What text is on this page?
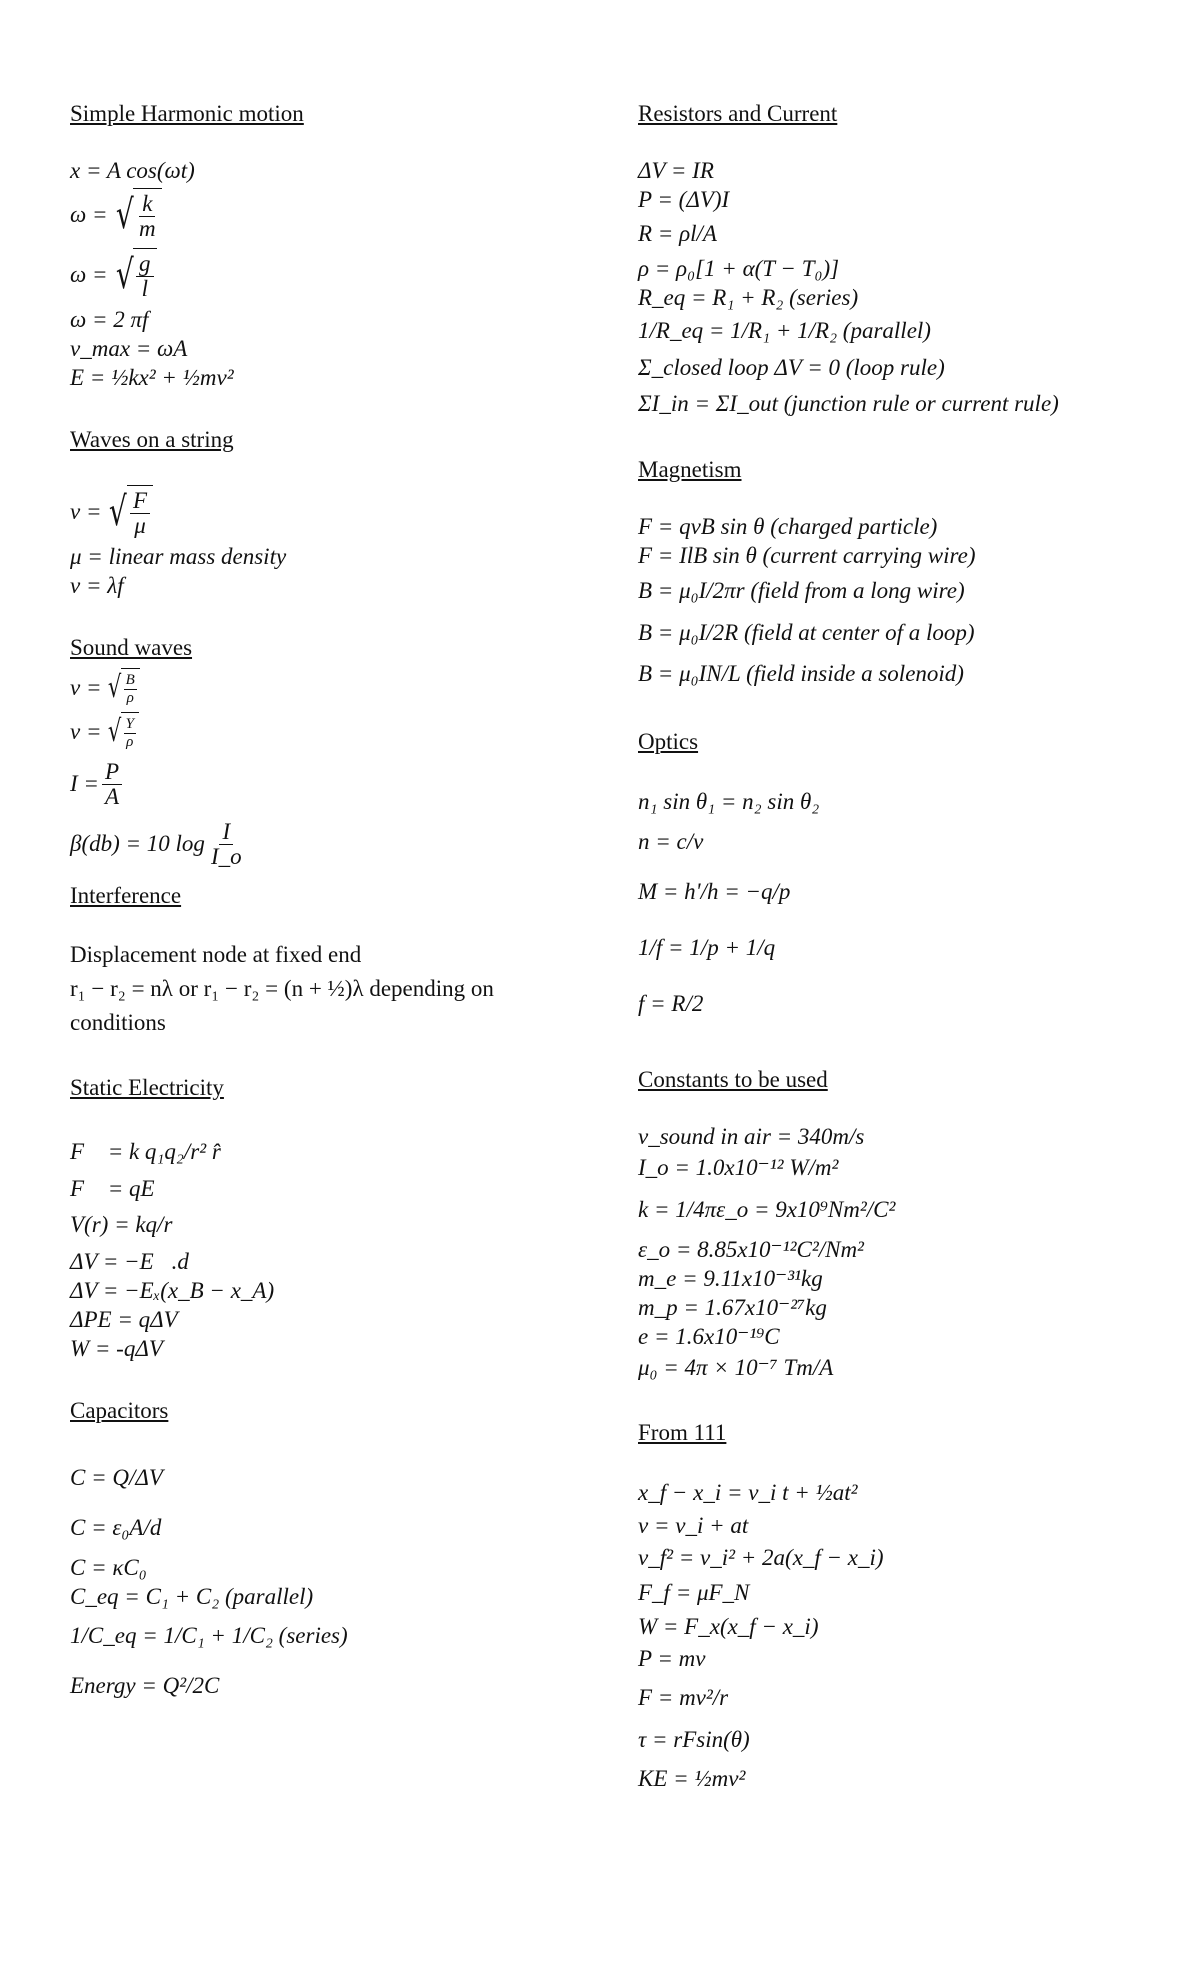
Simple Harmonic motion
x = A cos(ωt)
ω = √ $\frac{k}{m}$
ω = √ $\frac{g}{l}$
ω = 2 πf
v_max = ωA
E = ½kx² + ½mv²
Waves on a string
v = √ $\frac{F}{\mu}$
μ = linear mass density
v = λf
Sound waves
v = √ $\frac{B}{\rho}$
v = √ $\frac{Y}{\rho}$
$I = \frac{P}{A}$
β(db) = 10 $\log \frac{I}{I\_o}$
Interference
Displacement node at fixed end
r₁ − r₂ = nλ or r₁ − r₂ = (n + ½)λ depending on
conditions
Static Electricity
F⃗ = k q₁q₂/r² r̂
F⃗ = qE⃗
V(r) = kq/r
ΔV = −E⃗.d⃗
ΔV = −Eₓ(x_B − x_A)
ΔPE = qΔV
W = -qΔV
Capacitors
C = Q/ΔV
C = ε₀A/d
C = κC₀
C_eq = C₁ + C₂ (parallel)
1/C_eq = 1/C₁ + 1/C₂ (series)
Energy = Q²/2C
Resistors and Current
ΔV = IR
P = (ΔV)I
R = ρl/A
ρ = ρ₀[1 + α(T − T₀)]
R_eq = R₁ + R₂ (series)
1/R_eq = 1/R₁ + 1/R₂ (parallel)
Σ_closed loop ΔV = 0 (loop rule)
ΣI_in = ΣI_out (junction rule or current rule)
Magnetism
F = qvB sin θ (charged particle)
F = IlB sin θ (current carrying wire)
B = μ₀I/2πr (field from a long wire)
B = μ₀I/2R (field at center of a loop)
B = μ₀IN/L (field inside a solenoid)
Optics
n₁ sin θ₁ = n₂ sin θ₂
n = c/v
M = h'/h = −q/p
1/f = 1/p + 1/q
f = R/2
Constants to be used
v_sound in air = 340m/s
I_o = 1.0x10⁻¹² W/m²
k = 1/4πε_o = 9x10⁹Nm²/C²
ε_o = 8.85x10⁻¹²C²/Nm²
m_e = 9.11x10⁻³¹kg
m_p = 1.67x10⁻²⁷kg
e = 1.6x10⁻¹⁹C
μ₀ = 4π × 10⁻⁷ Tm/A
From 111
x_f − x_i = v_i t + ½at²
v = v_i + at
v_f² = v_i² + 2a(x_f − x_i)
F_f = μF_N
W = F_x(x_f − x_i)
P = mv
F = mv²/r
τ = rFsin(θ)
KE = ½mv²
